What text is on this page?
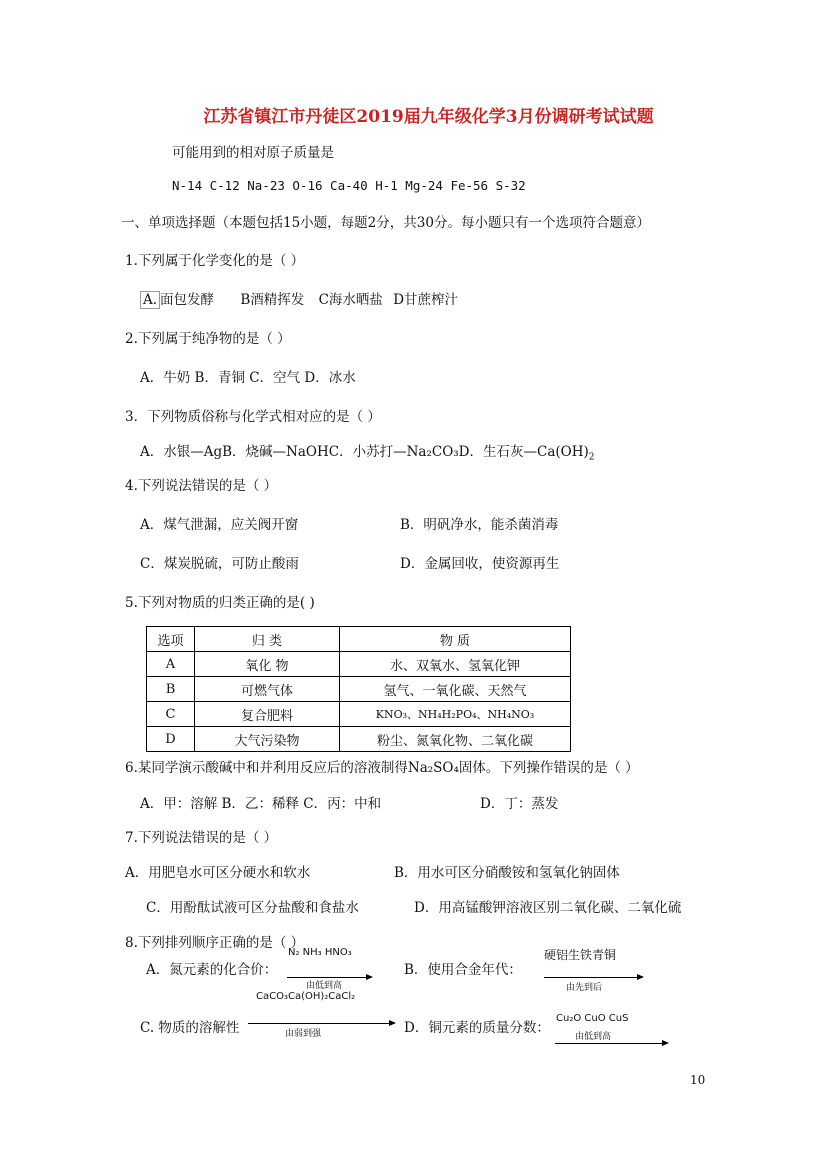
江苏省镇江市丹徒区2019届九年级化学3月份调研考试试题
可能用到的相对原子质量是
N-14 C-12 Na-23 O-16 Ca-40 H-1 Mg-24 Fe-56 S-32
一、单项选择题（本题包括15小题，每题2分，共30分。每小题只有一个选项符合题意）
1.下列属于化学变化的是（ ）
A. 面包发酵 B酒精挥发 C海水晒盐 D甘蔗榨汁
2.下列属于纯净物的是（ ）
A．牛奶 B．青铜 C．空气 D．冰水
3．下列物质俗称与化学式相对应的是（ ）
A．水银—AgB．烧碱—NaOHC．小苏打—Na₂CO₃D．生石灰$—Ca(OH)_2$
4.下列说法错误的是（ ）
A．煤气泄漏，应关阀开窗	B．明矾净水，能杀菌消毒
C．煤炭脱硫，可防止酸雨	D．金属回收，使资源再生
5.下列对物质的归类正确的是( )
选项	归 类	物 质
A	氧化 物	水、双氧水、氢氧化钾
B	可燃气体	氢气、一氧化碳、天然气
C	复合肥料	KNO₃、NH₄H₂PO₄、NH₄NO₃
D	大气污染物	粉尘、氮氧化物、二氧化碳
6.某同学演示酸碱中和并利用反应后的溶液制得Na₂SO₄固体。下列操作错误的是（ ）
A．甲：溶解 B．乙：稀释 C．丙：中和	D．丁：蒸发
7.下列说法错误的是（ ）
A．用肥皂水可区分硬水和软水	B．用水可区分硝酸铵和氢氧化钠固体
C．用酚酞试液可区分盐酸和食盐水	D．用高锰酸钾溶液区别二氧化碳、二氧化硫
8.下列排列顺序正确的是（ ）
A．氮元素的化合价：
N₂ NH₃ HNO₃
由低到高
B．使用合金年代：
硬铝生铁青铜
由先到后
CaCO₃Ca(OH)₂CaCl₂
C. 物质的溶解性	由弱到强	D．铜元素的质量分数：
Cu₂O CuO CuS
由低到高
10
